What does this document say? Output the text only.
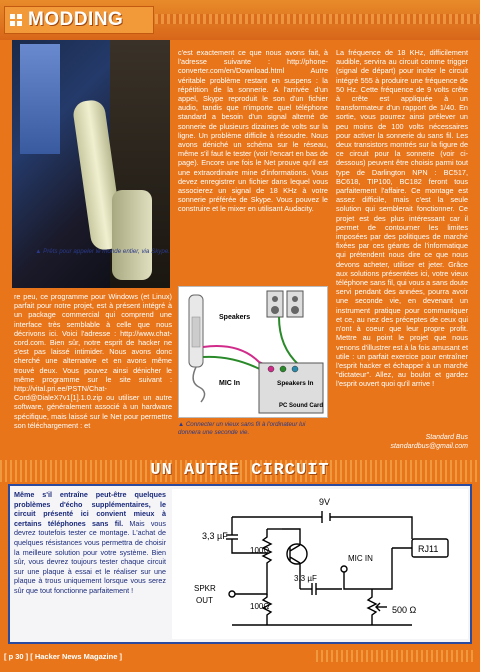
MODDING
▲ Prêts pour appeler le monde entier, via Skype.

re peu, ce programme pour Windows (et Linux) parfait pour notre projet, est à présent intégré à un package commercial qui comprend une interface très semblable à celle que nous décrivons ici. Voici l'adresse : http://www.chat-cord.com. Bien sûr, notre esprit de hacker ne s'est pas laissé intimider. Nous avons donc cherché une alternative et en avons même trouvé deux. Vous pouvez ainsi dénicher le même programme sur le site suivant : http://vital.pri.ee/PSTN/Chat-Cord@DialeX7v1[1].1.0.zip ou utiliser un autre software, généralement associé à un hardware spécifique, mais laissé sur le Net pour permettre son téléchargement : et

c'est exactement ce que nous avons fait, à l'adresse suivante : http://phone-converter.com/en/Download.html Autre véritable problème restant en suspens : la répétition de la sonnerie. A l'arrivée d'un appel, Skype reproduit le son d'un fichier audio, tandis que n'importe quel téléphone standard a besoin d'un signal alterné de sonnerie de plusieurs dizaines de volts sur la ligne. Un problème difficile à résoudre. Nous avons déniché un schéma sur le réseau, même s'il faut le tester (voir l'encart en bas de page). Encore une fois le Net prouve qu'il est une extraordinaire mine d'informations. Vous devez enregistrer un fichier dans lequel vous associerez un signal de 18 KHz à votre sonnerie préférée de Skype. Vous pouvez le construire et le mixer en utilisant Audacity.

La fréquence de 18 KHz, difficilement audible, servira au circuit comme trigger (signal de départ) pour inciter le circuit intégré 555 à produire une fréquence de 50 Hz. Cette fréquence de 9 volts crête à crête est appliquée à un transformateur d'un rapport de 1/40. En sortie, vous pourrez ainsi prélever un peu moins de 100 volts nécessaires pour activer la sonnerie du sans fil. Les deux transistors montrés sur la figure de ce circuit pour la sonnerie (voir ci-dessous) peuvent être choisis parmi tout type de Darlington NPN : BC517, BC618, TIP100, BC182 feront tous parfaitement l'affaire. Ce montage est assez difficile, mais c'est la seule solution qui semblerait fonctionner. Ce projet est des plus intéressant car il permet de contourner les limites imposées par des politiques de marché fixées par ces géants de l'informatique qui prétendent nous dire ce que nous devons acheter, utiliser et jeter. Grâce aux solutions présentées ici, votre vieux téléphone sans fil, qui vous a sans doute servi pendant des années, pourra avoir une seconde vie, en devenant un instrument pratique pour communiquer et ce, au nez des préceptes de ceux qui n'ont à coeur que leur propre profit. Mettre au point le projet que nous venons d'illustrer est à la fois amusant et utile : un parfait exercice pour entraîner l'esprit hacker et échapper à un marché "dictateur". Allez, au boulot et gardez l'esprit ouvert quoi qu'il arrive !

Speakers
MIC In	Speakers In
PC Sound Card
▲ Connecter un vieux sans fil à l'ordinateur lui donnera une seconde vie.
Standard Bus
standardbus@gmail.com
UN AUTRE CIRCUIT
Même s'il entraîne peut-être quelques problèmes d'écho supplémentaires, le circuit présenté ici convient mieux à certains téléphones sans fil. Mais vous devrez toutefois tester ce montage. L'achat de quelques résistances vous permettra de choisir la meilleure solution pour votre système. Bien sûr, vous devrez toujours tester chaque circuit sur une plaque à essai et le réaliser sur une plaque à trous uniquement lorsque vous serez sûr que tout fonctionne parfaitement !
9V
3,3 µF
100Ω
SPKR
OUT
100Ω
3,3 µF
MIC IN
RJ11
500 Ω
[ p 30 ] [ Hacker News Magazine ]
